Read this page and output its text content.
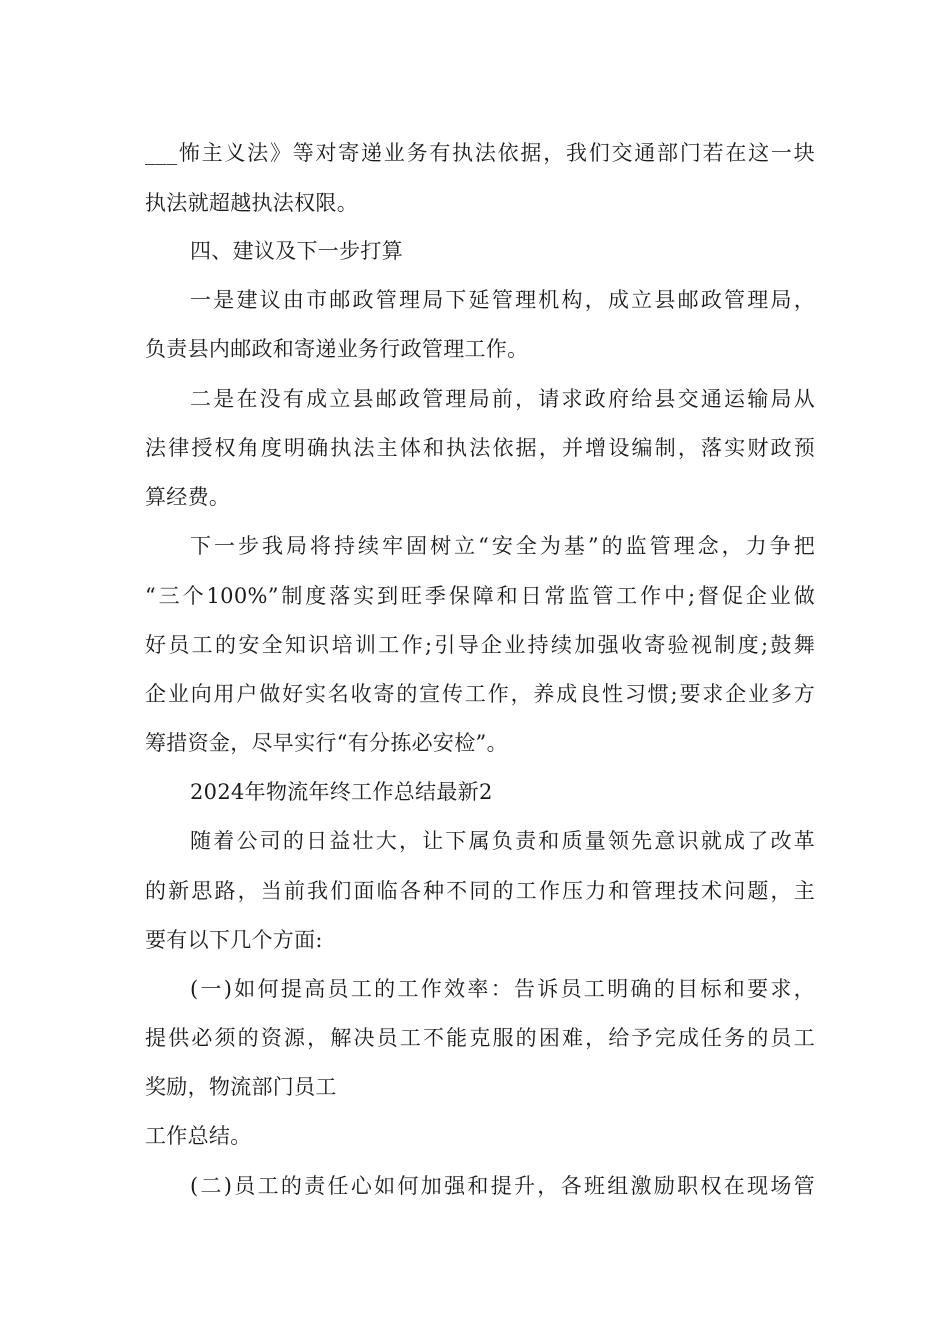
___怖主义法》等对寄递业务有执法依据，我们交通部门若在这一块
执法就超越执法权限。
四、建议及下一步打算
一是建议由市邮政管理局下延管理机构，成立县邮政管理局，
负责县内邮政和寄递业务行政管理工作。
二是在没有成立县邮政管理局前，请求政府给县交通运输局从
法律授权角度明确执法主体和执法依据，并增设编制，落实财政预
算经费。
下一步我局将持续牢固树立“安全为基”的监管理念，力争把
“三个100%”制度落实到旺季保障和日常监管工作中;督促企业做
好员工的安全知识培训工作;引导企业持续加强收寄验视制度;鼓舞
企业向用户做好实名收寄的宣传工作，养成良性习惯;要求企业多方
筹措资金，尽早实行“有分拣必安检”。
2024年物流年终工作总结最新2
随着公司的日益壮大，让下属负责和质量领先意识就成了改革
的新思路，当前我们面临各种不同的工作压力和管理技术问题，主
要有以下几个方面:
(一)如何提高员工的工作效率：告诉员工明确的目标和要求，
提供必须的资源，解决员工不能克服的困难，给予完成任务的员工
奖励，物流部门员工
工作总结。
(二)员工的责任心如何加强和提升，各班组激励职权在现场管
